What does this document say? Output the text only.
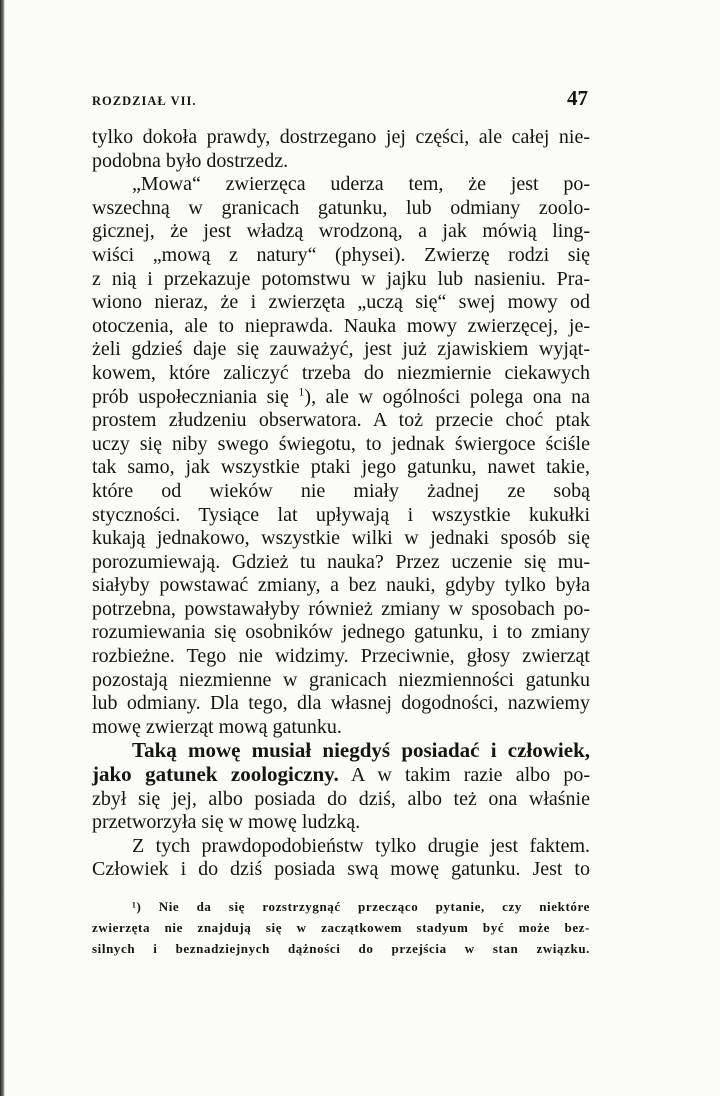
ROZDZIAŁ VII.	47
tylko dokoła prawdy, dostrzegano jej części, ale całej nie-
podobna było dostrzedz.
„Mowa“ zwierzęca uderza tem, że jest po-
wszechną w granicach gatunku, lub odmiany zoolo-
gicznej, że jest władzą wrodzoną, a jak mówią ling-
wiści „mową z natury“ (physei). Zwierzę rodzi się
z nią i przekazuje potomstwu w jajku lub nasieniu. Pra-
wiono nieraz, że i zwierzęta „uczą się“ swej mowy od
otoczenia, ale to nieprawda. Nauka mowy zwierzęcej, je-
żeli gdzieś daje się zauważyć, jest już zjawiskiem wyjąt-
kowem, które zaliczyć trzeba do niezmiernie ciekawych
prób uspołeczniania się $^1$), ale w ogólności polega ona na
prostem złudzeniu obserwatora. A toż przecie choć ptak
uczy się niby swego świegotu, to jednak świergoce ściśle
tak samo, jak wszystkie ptaki jego gatunku, nawet takie,
które od wieków nie miały żadnej ze sobą
styczności. Tysiące lat upływają i wszystkie kukułki
kukają jednakowo, wszystkie wilki w jednaki sposób się
porozumiewają. Gdzież tu nauka? Przez uczenie się mu-
siałyby powstawać zmiany, a bez nauki, gdyby tylko była
potrzebna, powstawałyby również zmiany w sposobach po-
rozumiewania się osobników jednego gatunku, i to zmiany
rozbieżne. Tego nie widzimy. Przeciwnie, głosy zwierząt
pozostają niezmienne w granicach niezmienności gatunku
lub odmiany. Dla tego, dla własnej dogodności, nazwiemy
mowę zwierząt mową gatunku.
Taką mowę musiał niegdyś posiadać i człowiek,
jako gatunek zoologiczny. A w takim razie albo po-
zbył się jej, albo posiada do dziś, albo też ona właśnie
przetworzyła się w mowę ludzką.
Z tych prawdopodobieństw tylko drugie jest faktem.
Człowiek i do dziś posiada swą mowę gatunku. Jest to
¹) Nie da się rozstrzygnąć przecząco pytanie, czy niektóre
zwierzęta nie znajdują się w zaczątkowem stadyum być może bez-
silnych i beznadziejnych dążności do przejścia w stan związku.
